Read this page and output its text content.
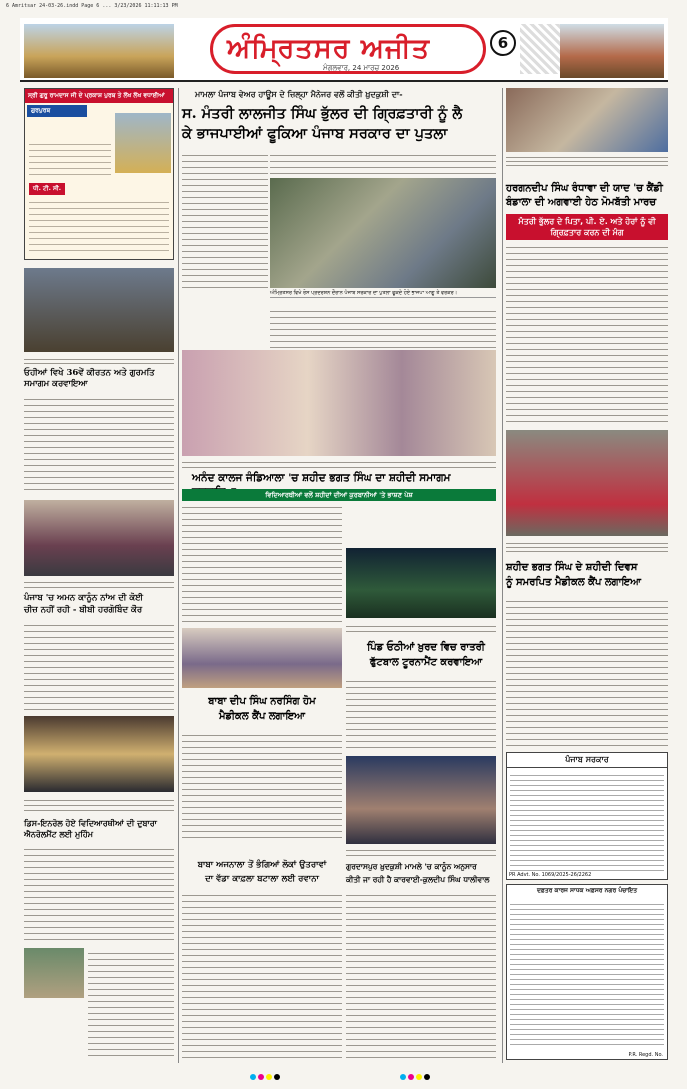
6 Amritsar 24-03-26.indd Page 6 ... 3/23/2026 11:11:13 PM
ਅੰਮ੍ਰਿਤਸਰ ਅਜੀਤ
ਮੰਗਲਵਾਰ, 24 ਮਾਰਚ 2026
6
ਸ੍ਰੀ ਗੁਰੂ ਰਾਮਦਾਸ ਜੀ ਦੇ ਪ੍ਰਕਾਸ਼ ਪੁਰਬ ਤੇ ਲੱਖ ਲੱਖ ਵਧਾਈਆਂ
ਗੁਰਪੁਰਬ
ਧੀ. ਟੀ. ਸੀ.
ਮਾਮਲਾ ਪੰਜਾਬ ਵੇਅਰ ਹਾਊਸ ਦੇ ਜ਼ਿਲ੍ਹਾ ਮੈਨੇਜਰ ਵਲੋਂ ਕੀਤੀ ਖ਼ੁਦਕੁਸ਼ੀ ਦਾ-
ਸ. ਮੰਤਰੀ ਲਾਲਜੀਤ ਸਿੰਘ ਭੁੱਲਰ ਦੀ ਗ੍ਰਿਫ਼ਤਾਰੀ ਨੂੰ ਲੈ
ਕੇ ਭਾਜਪਾਈਆਂ ਫੂਕਿਆ ਪੰਜਾਬ ਸਰਕਾਰ ਦਾ ਪੁਤਲਾ
ਅੰਮ੍ਰਿਤਸਰ ਵਿਖੇ ਰੋਸ ਪ੍ਰਦਰਸ਼ਨ ਦੌਰਾਨ ਪੰਜਾਬ ਸਰਕਾਰ ਦਾ ਪੁਤਲਾ ਫੂਕਦੇ ਹੋਏ ਭਾਜਪਾ ਆਗੂ ਤੇ ਵਰਕਰ।
ਓਹੀਆਂ ਵਿਖੇ 36ਵੇਂ ਕੀਰਤਨ ਅਤੇ ਗੁਰਮਤਿ ਸਮਾਗਮ ਕਰਵਾਇਆ
ਹਰਗਨਦੀਪ ਸਿੰਘ ਰੰਧਾਵਾ ਦੀ ਯਾਦ 'ਚ ਕੈਂਡੀ
ਬੰਡਾਲਾ ਦੀ ਅਗਵਾਈ ਹੇਠ ਮੋਮਬੱਤੀ ਮਾਰਚ
ਮੰਤਰੀ ਭੁੱਲਰ ਦੇ ਪਿਤਾ, ਪੀ. ਏ. ਅਤੇ ਹੋਰਾਂ ਨੂੰ ਵੀ ਗ੍ਰਿਫ਼ਤਾਰ ਕਰਨ ਦੀ ਮੰਗ
ਅਨੰਦ ਕਾਲਜ ਜੰਡਿਆਲਾ 'ਚ ਸ਼ਹੀਦ ਭਗਤ ਸਿੰਘ ਦਾ ਸ਼ਹੀਦੀ ਸਮਾਗਮ
ਵਿਦਿਆਰਥੀਆਂ ਵਲੋਂ ਸ਼ਹੀਦਾਂ ਦੀਆਂ ਕੁਰਬਾਨੀਆਂ 'ਤੇ ਭਾਸ਼ਣ ਪੇਸ਼
ਪਿੰਡ ਓਠੀਆਂ ਖ਼ੁਰਦ ਵਿਚ ਰਾਤਰੀ
ਫੁੱਟਬਾਲ ਟੂਰਨਾਮੈਂਟ ਕਰਵਾਇਆ
ਬਾਬਾ ਦੀਪ ਸਿੰਘ ਨਰਸਿੰਗ ਹੋਮ
ਮੈਡੀਕਲ ਕੈਂਪ ਲਗਾਇਆ
ਪੰਜਾਬ 'ਚ ਅਮਨ ਕਾਨੂੰਨ ਨਾਂਅ ਦੀ ਕੋਈ
ਚੀਜ਼ ਨਹੀਂ ਰਹੀ - ਬੀਬੀ ਹਰਗੋਬਿੰਦ ਕੌਰ
ਡਿਸ-ਇਨਰੋਲ ਹੋਏ ਵਿਦਿਆਰਥੀਆਂ ਦੀ ਦੁਬਾਰਾ ਐਨਰੋਲਮੈਂਟ ਲਈ ਮੁਹਿੰਮ
ਸ਼ਹੀਦ ਭਗਤ ਸਿੰਘ ਦੇ ਸ਼ਹੀਦੀ ਦਿਵਸ
ਨੂੰ ਸਮਰਪਿਤ ਮੈਡੀਕਲ ਕੈਂਪ ਲਗਾਇਆ
ਪੰਜਾਬ ਸਰਕਾਰ
PR Advt. No. 1069/2025-26/2262
ਬਾਬਾ ਅਜਨਾਲਾ ਤੋਂ ਭੰਗਿਆਂ ਲੋਕਾਂ ਉਤਰਾਵਾਂ
ਦਾ ਵੱਡਾ ਕਾਫ਼ਲਾ ਬਟਾਲਾ ਲਈ ਰਵਾਨਾ
ਗੁਰਦਾਸਪੁਰ ਖ਼ੁਦਕੁਸ਼ੀ ਮਾਮਲੇ 'ਚ ਕਾਨੂੰਨ ਅਨੁਸਾਰ
ਕੀਤੀ ਜਾ ਰਹੀ ਹੈ ਕਾਰਵਾਈ-ਕੁਲਦੀਪ ਸਿੰਘ ਧਾਲੀਵਾਲ
ਦਫ਼ਤਰ ਕਾਰਜ ਸਾਧਕ ਅਫ਼ਸਰ ਨਗਰ ਪੰਚਾਇਤ
P.R. Regd. No.
